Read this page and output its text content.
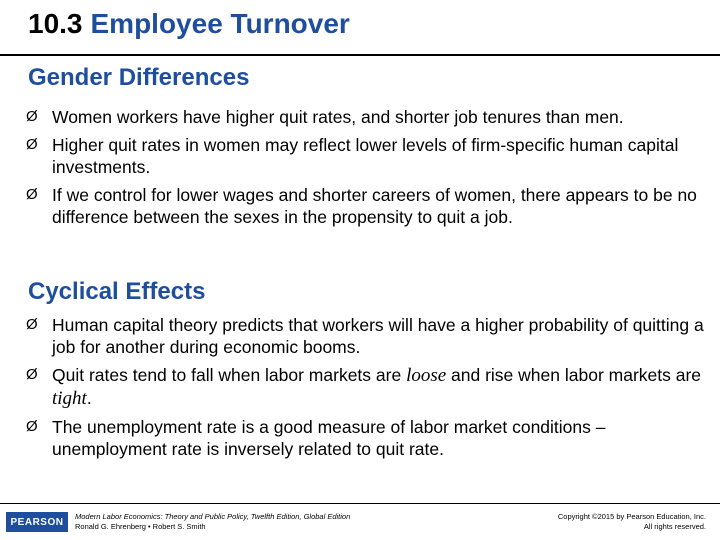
10.3 Employee Turnover
Gender Differences
Ø Women workers have higher quit rates, and shorter job tenures than men.
Ø Higher quit rates in women may reflect lower levels of firm-specific human capital investments.
Ø If we control for lower wages and shorter careers of women, there appears to be no difference between the sexes in the propensity to quit a job.
Cyclical Effects
Ø Human capital theory predicts that workers will have a higher probability of quitting a job for another during economic booms.
Ø Quit rates tend to fall when labor markets are loose and rise when labor markets are tight.
Ø The unemployment rate is a good measure of labor market conditions – unemployment rate is inversely related to quit rate.
PEARSON	Modern Labor Economics: Theory and Public Policy, Twelfth Edition, Global Edition
Ronald G. Ehrenberg • Robert S. Smith
Copyright ©2015 by Pearson Education, Inc.
All rights reserved.
